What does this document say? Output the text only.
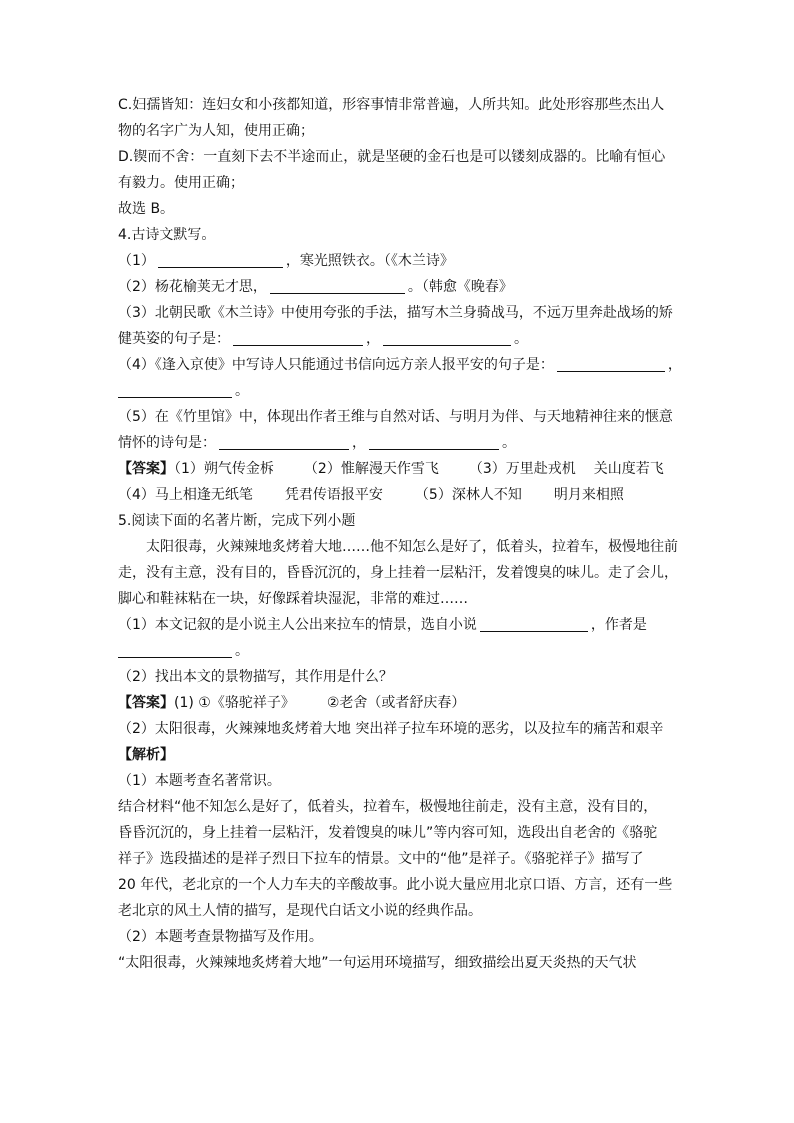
C.妇孺皆知：连妇女和小孩都知道，形容事情非常普遍，人所共知。此处形容那些杰出人
物的名字广为人知，使用正确；
D.锲而不舍：一直刻下去不半途而止，就是坚硬的金石也是可以镂刻成器的。比喻有恒心
有毅力。使用正确；
故选 B。
4.古诗文默写。
（1）	，寒光照铁衣。（《木兰诗》
（2）杨花榆荚无才思，	。（韩愈《晚春》
（3）北朝民歌《木兰诗》中使用夸张的手法，描写木兰身骑战马，不远万里奔赴战场的矫
健英姿的句子是：	，	。
（4）《逢入京使》中写诗人只能通过书信向远方亲人报平安的句子是：	，
。
（5）在《竹里馆》中，体现出作者王维与自然对话、与明月为伴、与天地精神往来的惬意
情怀的诗句是：	，	。
【答案】（1）朔气传金柝 （2）惟解漫天作雪飞 （3）万里赴戎机 关山度若飞
（4）马上相逢无纸笔 凭君传语报平安 （5）深林人不知 明月来相照
5.阅读下面的名著片断，完成下列小题
太阳很毒，火辣辣地炙烤着大地……他不知怎么是好了，低着头，拉着车，极慢地往前
走，没有主意，没有目的，昏昏沉沉的，身上挂着一层粘汗，发着馊臭的味儿。走了会儿，
脚心和鞋袜粘在一块，好像踩着块湿泥，非常的难过……
（1）本文记叙的是小说主人公出来拉车的情景，选自小说	，作者是
。
（2）找出本文的景物描写，其作用是什么？
【答案】(1) ①《骆驼祥子》 ②老舍（或者舒庆春）
（2）太阳很毒，火辣辣地炙烤着大地 突出祥子拉车环境的恶劣，以及拉车的痛苦和艰辛
【解析】
（1）本题考查名著常识。
结合材料“他不知怎么是好了，低着头，拉着车，极慢地往前走，没有主意，没有目的，
昏昏沉沉的，身上挂着一层粘汗，发着馊臭的味儿”等内容可知，选段出自老舍的《骆驼
祥子》选段描述的是祥子烈日下拉车的情景。文中的“他”是祥子。《骆驼祥子》描写了
20 年代，老北京的一个人力车夫的辛酸故事。此小说大量应用北京口语、方言，还有一些
老北京的风土人情的描写，是现代白话文小说的经典作品。
（2）本题考查景物描写及作用。
“太阳很毒，火辣辣地炙烤着大地”一句运用环境描写，细致描绘出夏天炎热的天气状
